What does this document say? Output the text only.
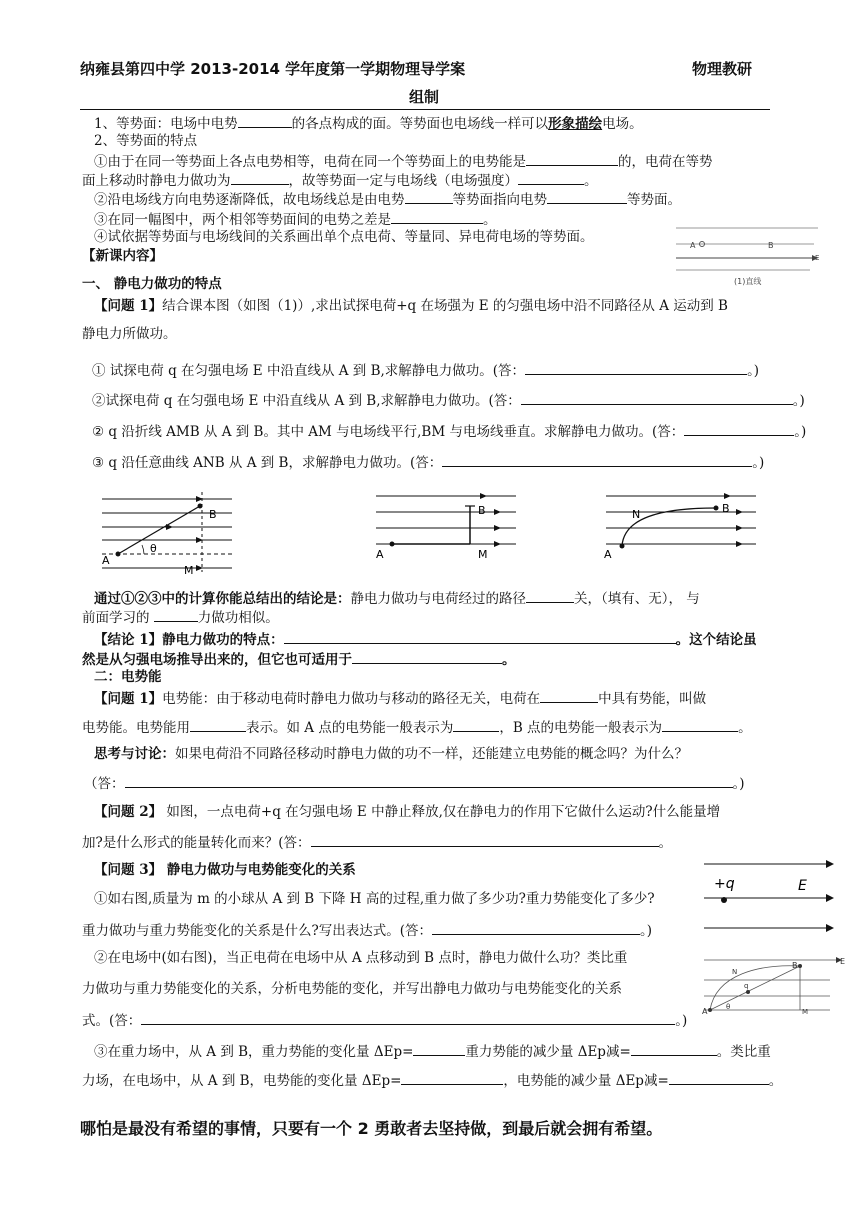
纳雍县第四中学 2013-2014 学年度第一学期物理导学案	物理教研
组制
1、等势面：电场中电势	的各点构成的面。等势面也电场线一样可以形象描绘电场。
2、等势面的特点
①由于在同一等势面上各点电势相等，电荷在同一个等势面上的电势能是	的，电荷在等势
面上移动时静电力做功为	，故等势面一定与电场线（电场强度）	。
②沿电场线方向电势逐渐降低，故电场线总是由电势	等势面指向电势	等势面。
③在同一幅图中，两个相邻等势面间的电势之差是	。
④试依据等势面与电场线间的关系画出单个点电荷、等量同、异电荷电场的等势面。
【新课内容】
A	B
E
(1)直线
一、 静电力做功的特点
【问题 1】结合课本图（如图（1)）,求出试探电荷+q 在场强为 E 的匀强电场中沿不同路径从 A 运动到 B
静电力所做功。
① 试探电荷 q 在匀强电场 E 中沿直线从 A 到 B,求解静电力做功。(答：	。)
②试探电荷 q 在匀强电场 E 中沿直线从 A 到 B,求解静电力做功。(答：	。)
② q 沿折线 AMB 从 A 到 B。其中 AM 与电场线平行,BM 与电场线垂直。求解静电力做功。(答：	。)
③ q 沿任意曲线 ANB 从 A 到 B，求解静电力做功。(答：	。)
A
B
M
θ	A
B
M	A
B
N
通过①②③中的计算你能总结出的结论是：静电力做功与电荷经过的路径	关，（填有、无）， 与
前面学习的	力做功相似。
【结论 1】静电力做功的特点：	。这个结论虽
然是从匀强电场推导出来的，但它也可适用于	。
二：电势能
【问题 1】电势能：由于移动电荷时静电力做功与移动的路径无关，电荷在	中具有势能，叫做
电势能。电势能用	表示。如 A 点的电势能一般表示为	，B 点的电势能一般表示为	。
思考与讨论：如果电荷沿不同路径移动时静电力做的功不一样，还能建立电势能的概念吗？为什么？
（答：	。)
【问题 2】 如图，一点电荷+q 在匀强电场 E 中静止释放,仅在静电力的作用下它做什么运动?什么能量增
加?是什么形式的能量转化而来？(答：	。
【问题 3】 静电力做功与电势能变化的关系
①如右图,质量为 m 的小球从 A 到 B 下降 H 高的过程,重力做了多少功?重力势能变化了多少?
重力做功与重力势能变化的关系是什么?写出表达式。(答：	。)
②在电场中(如右图)，当正电荷在电场中从 A 点移动到 B 点时，静电力做什么功？类比重
力做功与重力势能变化的关系，分析电势能的变化，并写出静电力做功与电势能变化的关系
式。(答：	。)
③在重力场中，从 A 到 B，重力势能的变化量 ΔEp=	重力势能的减少量 ΔEp减=	。类比重
力场，在电场中，从 A 到 B，电势能的变化量 ΔEp=	，电势能的减少量 ΔEp减=	。
+q	E
A
B
N
M
q
θ
E
哪怕是最没有希望的事情，只要有一个 2 勇敢者去坚持做，到最后就会拥有希望。
